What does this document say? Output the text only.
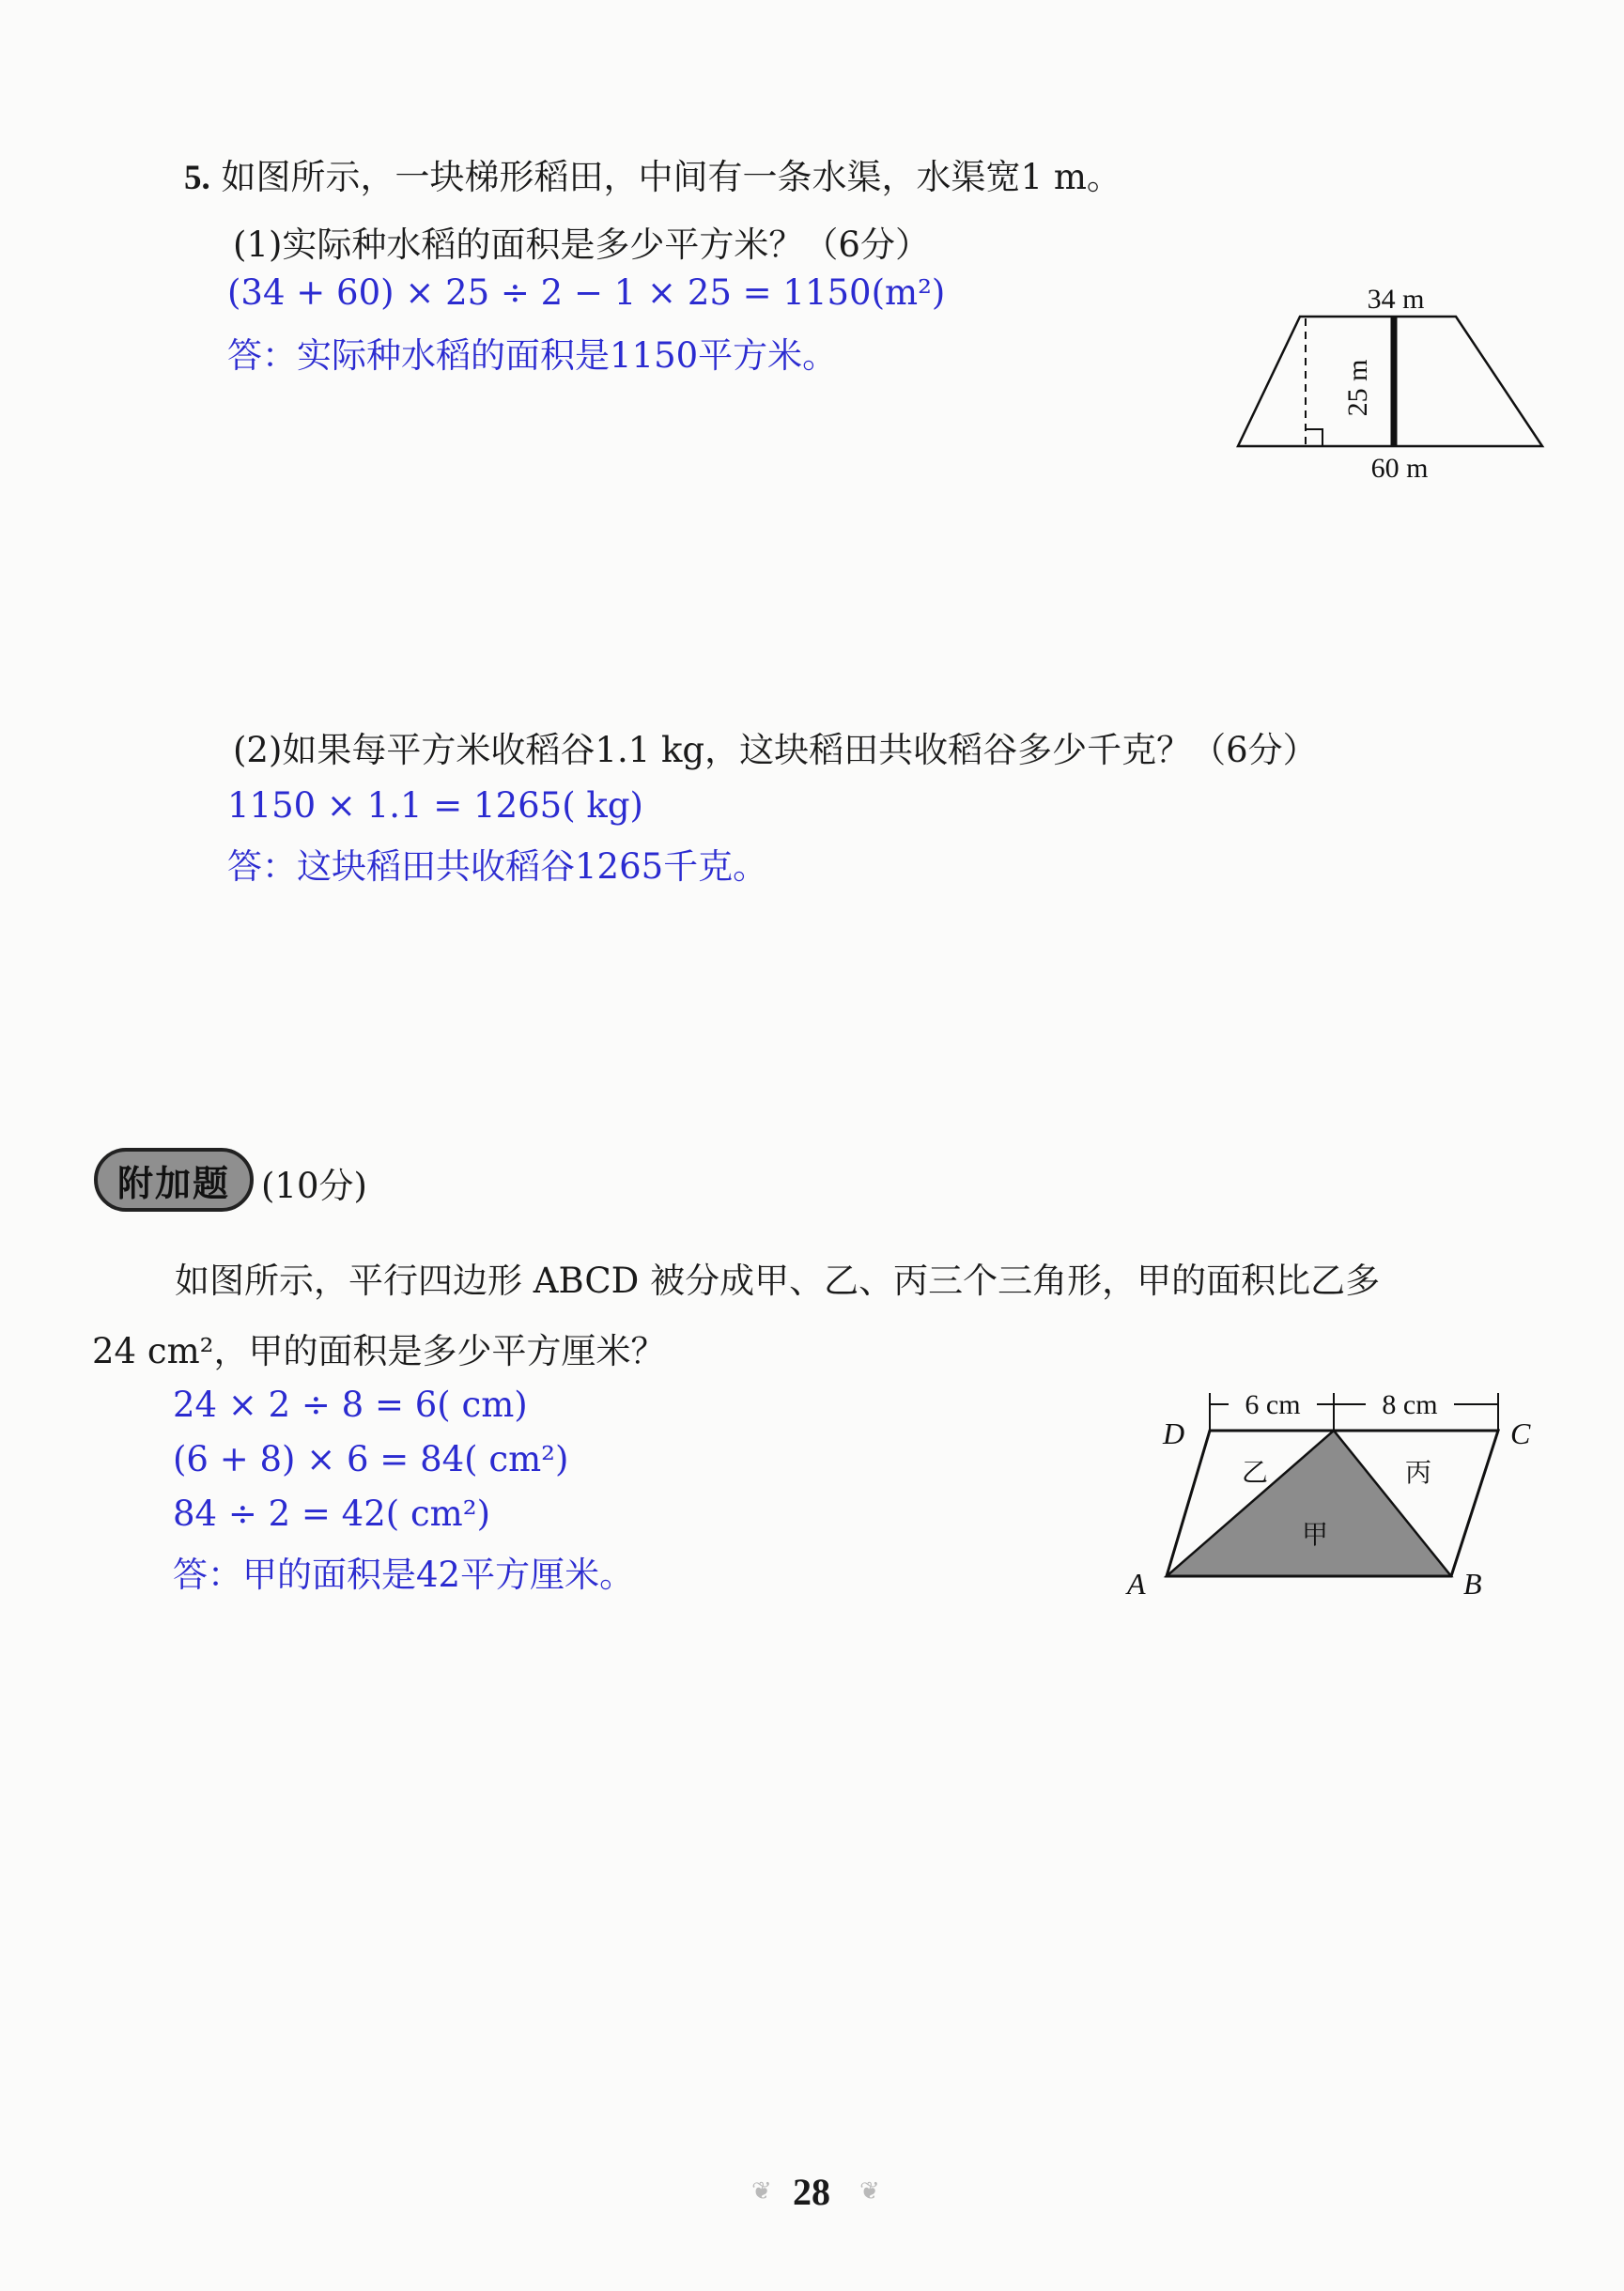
5. 如图所示，一块梯形稻田，中间有一条水渠，水渠宽1 m。
(1)实际种水稻的面积是多少平方米？（6分）
(34 + 60) × 25 ÷ 2 − 1 × 25 = 1150(m²)
答：实际种水稻的面积是1150平方米。
34 m
25 m
60 m
(2)如果每平方米收稻谷1.1 kg，这块稻田共收稻谷多少千克？（6分）
1150 × 1.1 = 1265( kg)
答：这块稻田共收稻谷1265千克。
附加题 (10分)
如图所示，平行四边形 ABCD 被分成甲、乙、丙三个三角形，甲的面积比乙多
24 cm²，甲的面积是多少平方厘米？
24 × 2 ÷ 8 = 6( cm)
(6 + 8) × 6 = 84( cm²)
84 ÷ 2 = 42( cm²)
答：甲的面积是42平方厘米。
6 cm	8 cm
D	C
A	B
乙	丙
甲
❦ 28 ❦
